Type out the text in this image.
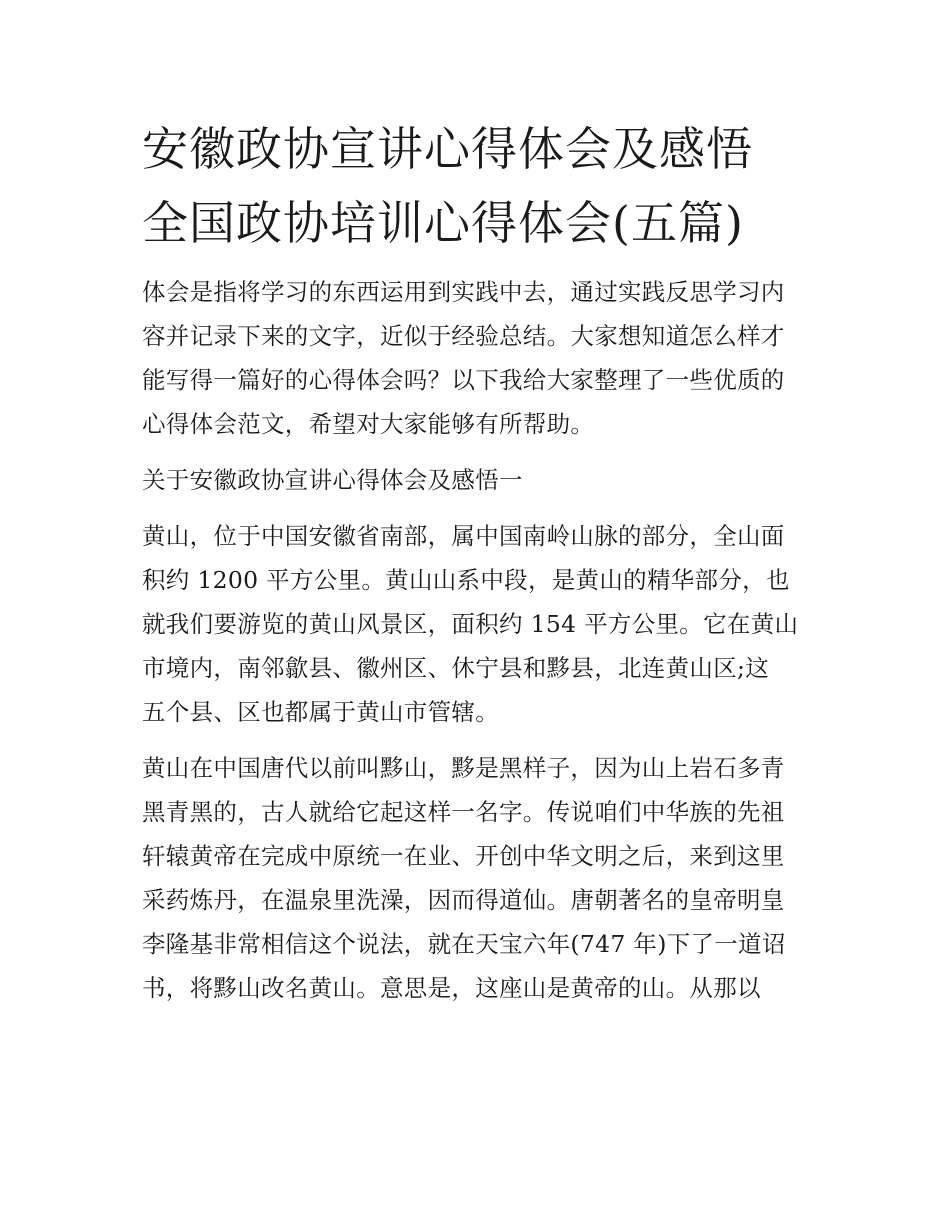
安徽政协宣讲心得体会及感悟
全国政协培训心得体会(五篇)

体会是指将学习的东西运用到实践中去，通过实践反思学习内
容并记录下来的文字，近似于经验总结。大家想知道怎么样才
能写得一篇好的心得体会吗？以下我给大家整理了一些优质的
心得体会范文，希望对大家能够有所帮助。

关于安徽政协宣讲心得体会及感悟一

黄山，位于中国安徽省南部，属中国南岭山脉的部分，全山面
积约 1200 平方公里。黄山山系中段，是黄山的精华部分，也
就我们要游览的黄山风景区，面积约 154 平方公里。它在黄山
市境内，南邻歙县、徽州区、休宁县和黟县，北连黄山区;这
五个县、区也都属于黄山市管辖。

黄山在中国唐代以前叫黟山，黟是黑样子，因为山上岩石多青
黑青黑的，古人就给它起这样一名字。传说咱们中华族的先祖
轩辕黄帝在完成中原统一在业、开创中华文明之后，来到这里
采药炼丹，在温泉里洗澡，因而得道仙。唐朝著名的皇帝明皇
李隆基非常相信这个说法，就在天宝六年(747 年)下了一道诏
书，将黟山改名黄山。意思是，这座山是黄帝的山。从那以
